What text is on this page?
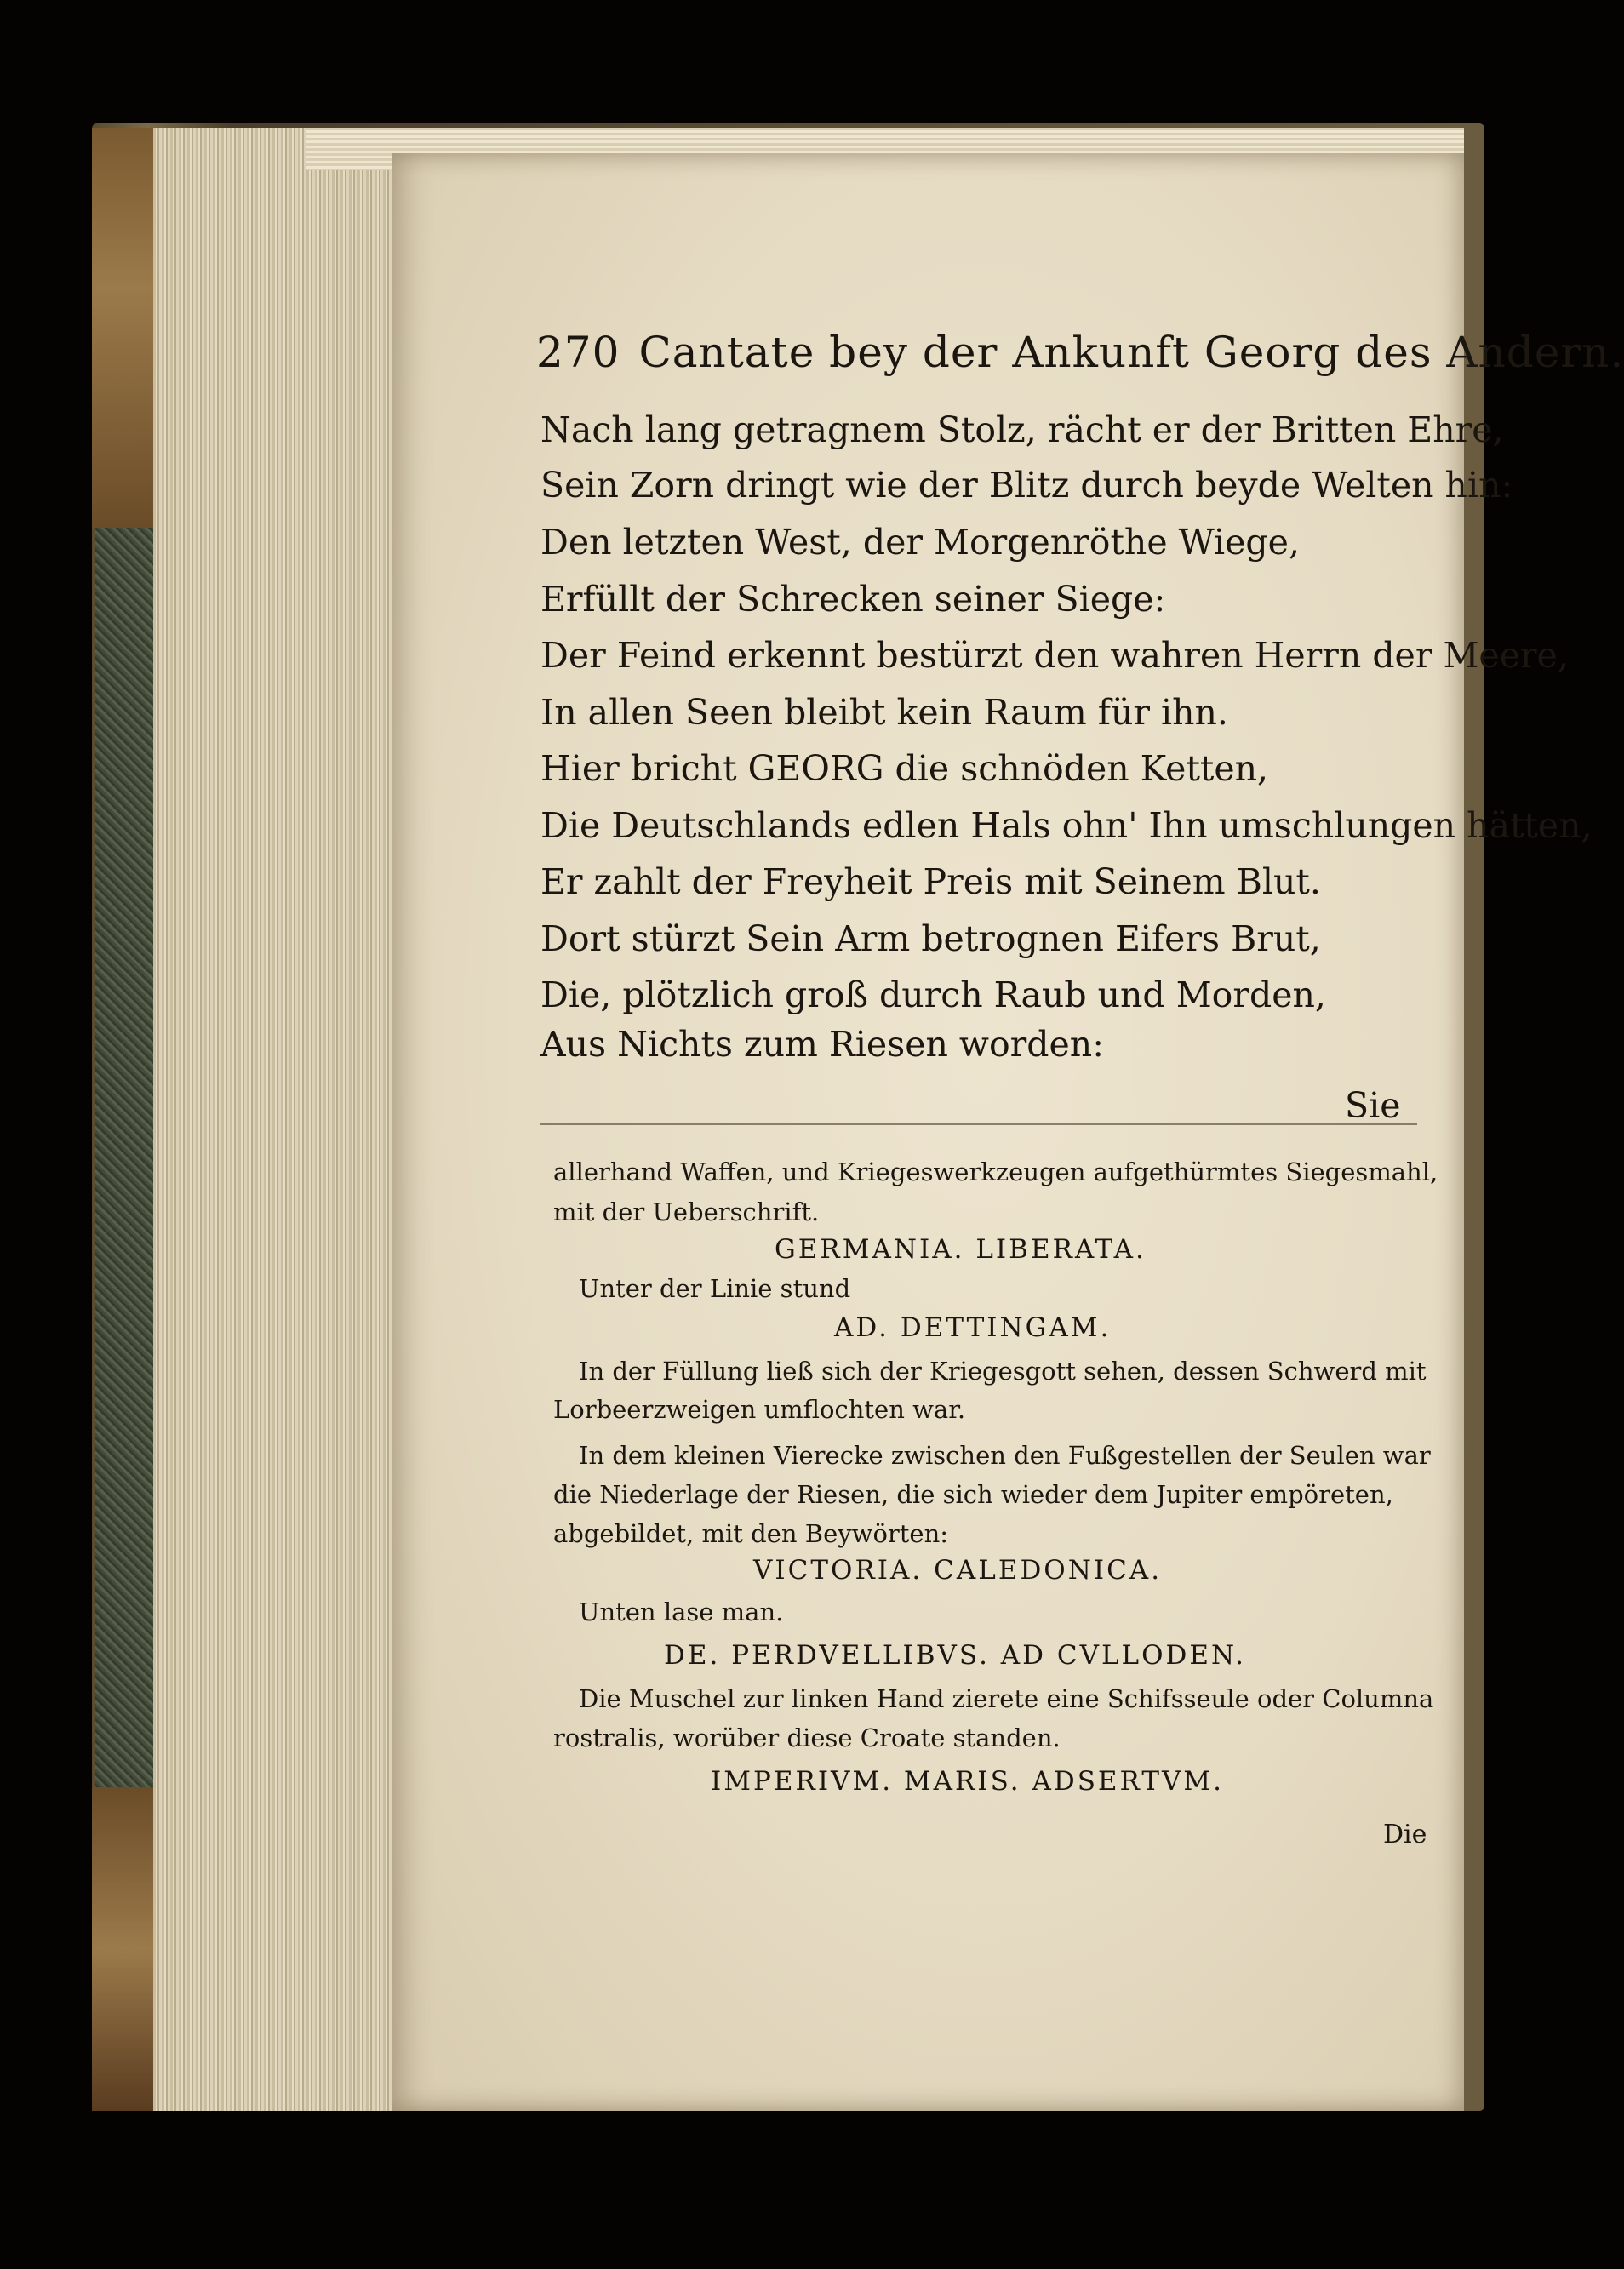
270 Cantate bey der Ankunft Georg des Andern.
Nach lang getragnem Stolz, rächt er der Britten Ehre,
Sein Zorn dringt wie der Blitz durch beyde Welten hin:
Den letzten West, der Morgenröthe Wiege,
Erfüllt der Schrecken seiner Siege:
Der Feind erkennt bestürzt den wahren Herrn der Meere,
In allen Seen bleibt kein Raum für ihn.
Hier bricht GEORG die schnöden Ketten,
Die Deutschlands edlen Hals ohn' Ihn umschlungen hätten,
Er zahlt der Freyheit Preis mit Seinem Blut.
Dort stürzt Sein Arm betrognen Eifers Brut,
Die, plötzlich groß durch Raub und Morden,
Aus Nichts zum Riesen worden:
Sie
allerhand Waffen, und Kriegeswerkzeugen aufgethürmtes Siegesmahl,
mit der Ueberschrift.
GERMANIA. LIBERATA.
Unter der Linie stund
AD. DETTINGAM.
In der Füllung ließ sich der Kriegesgott sehen, dessen Schwerd mit
Lorbeerzweigen umflochten war.
In dem kleinen Vierecke zwischen den Fußgestellen der Seulen war
die Niederlage der Riesen, die sich wieder dem Jupiter empöreten,
abgebildet, mit den Beywörten:
VICTORIA. CALEDONICA.
Unten lase man.
DE. PERDVELLIBVS. AD CVLLODEN.
Die Muschel zur linken Hand zierete eine Schifsseule oder Columna
rostralis, worüber diese Croate standen.
IMPERIVM. MARIS. ADSERTVM.
Die
